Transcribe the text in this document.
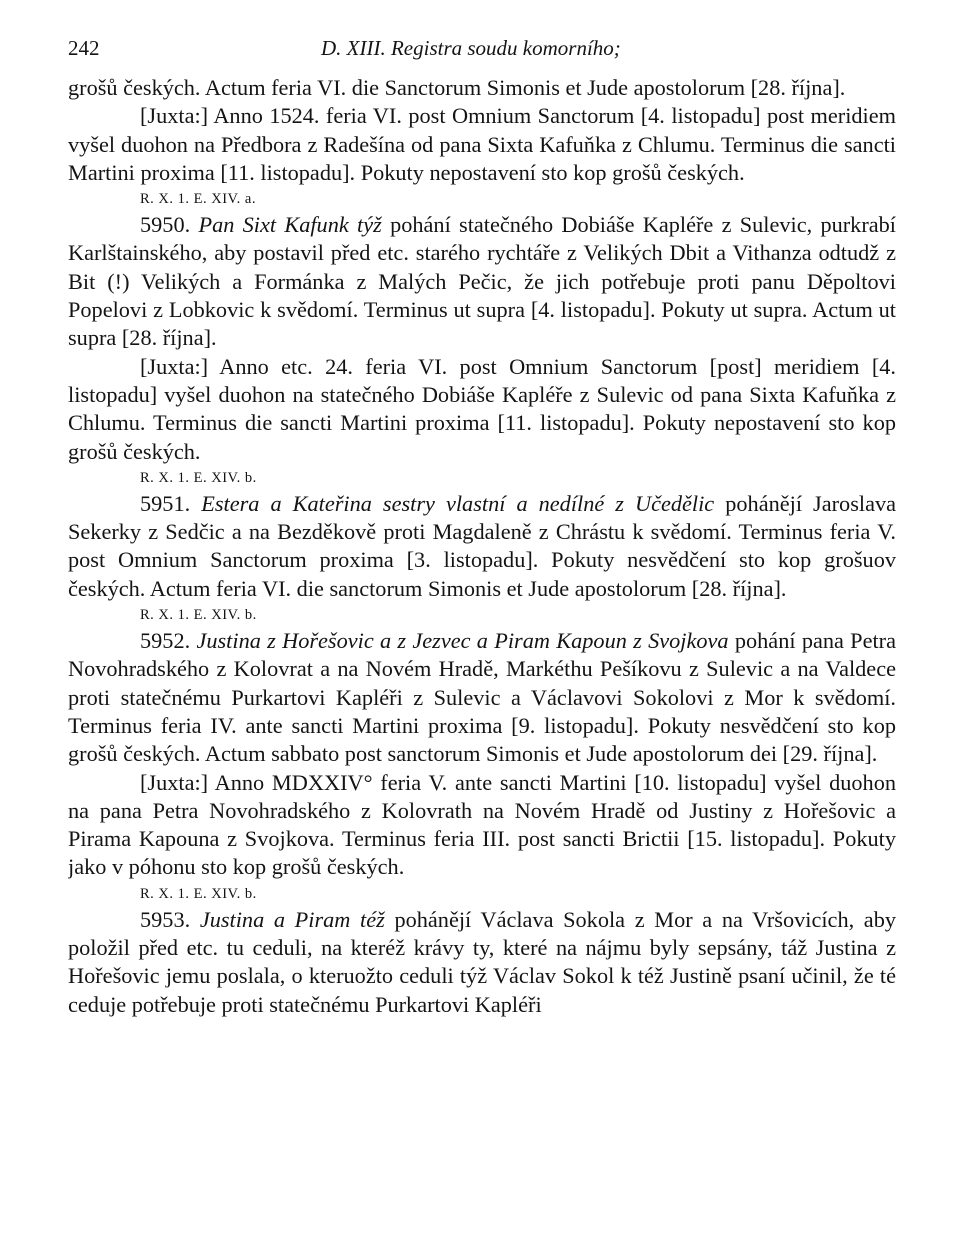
242	D. XIII. Registra soudu komorního;

grošů českých. Actum feria VI. die Sanctorum Simonis et Jude apostolorum [28. října].

[Juxta:] Anno 1524. feria VI. post Omnium Sanctorum [4. listopadu] post meridiem vyšel duohon na Předbora z Radešína od pana Sixta Kafuňka z Chlumu. Terminus die sancti Martini proxima [11. listopadu]. Pokuty nepostavení sto kop grošů českých.

R. X. 1. E. XIV. a.

5950. Pan Sixt Kafunk týž pohání statečného Dobiáše Kapléře z Sulevic, purkrabí Karlštainského, aby postavil před etc. starého rychtáře z Velikých Dbit a Vithanza odtudž z Bit (!) Velikých a Formánka z Malých Pečic, že jich potřebuje proti panu Děpoltovi Popelovi z Lobkovic k svědomí. Terminus ut supra [4. listopadu]. Pokuty ut supra. Actum ut supra [28. října].

[Juxta:] Anno etc. 24. feria VI. post Omnium Sanctorum [post] meridiem [4. listopadu] vyšel duohon na statečného Dobiáše Kapléře z Sulevic od pana Sixta Kafuňka z Chlumu. Terminus die sancti Martini proxima [11. listopadu]. Pokuty nepostavení sto kop grošů českých.

R. X. 1. E. XIV. b.

5951. Estera a Kateřina sestry vlastní a nedílné z Učedělic pohánějí Jaroslava Sekerky z Sedčic a na Bezděkově proti Magdaleně z Chrástu k svědomí. Terminus feria V. post Omnium Sanctorum proxima [3. listopadu]. Pokuty nesvědčení sto kop grošuov českých. Actum feria VI. die sanctorum Simonis et Jude apostolorum [28. října].

R. X. 1. E. XIV. b.

5952. Justina z Hořešovic a z Jezvec a Piram Kapoun z Svojkova pohání pana Petra Novohradského z Kolovrat a na Novém Hradě, Markéthu Pešíkovu z Sulevic a na Valdece proti statečnému Purkartovi Kapléři z Sulevic a Václavovi Sokolovi z Mor k svědomí. Terminus feria IV. ante sancti Martini proxima [9. listopadu]. Pokuty nesvědčení sto kop grošů českých. Actum sabbato post sanctorum Simonis et Jude apostolorum dei [29. října].

[Juxta:] Anno MDXXIV° feria V. ante sancti Martini [10. listopadu] vyšel duohon na pana Petra Novohradského z Kolovrath na Novém Hradě od Justiny z Hořešovic a Pirama Kapouna z Svojkova. Terminus feria III. post sancti Brictii [15. listopadu]. Pokuty jako v póhonu sto kop grošů českých.

R. X. 1. E. XIV. b.

5953. Justina a Piram též pohánějí Václava Sokola z Mor a na Vršovicích, aby položil před etc. tu ceduli, na kteréž krávy ty, které na nájmu byly sepsány, táž Justina z Hořešovic jemu poslala, o kteruožto ceduli týž Václav Sokol k též Justině psaní učinil, že té ceduje potřebuje proti statečnému Purkartovi Kapléři
